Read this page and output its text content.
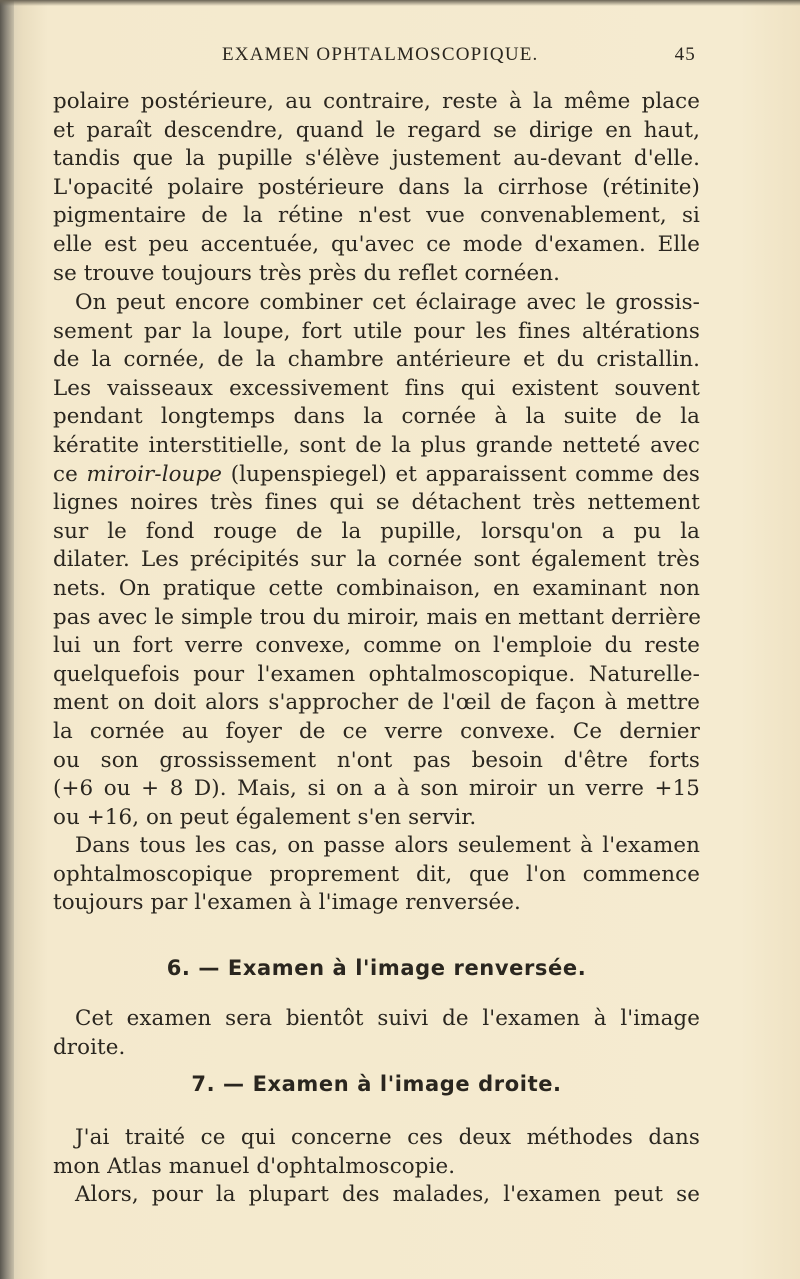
EXAMEN OPHTALMOSCOPIQUE.	45
polaire postérieure, au contraire, reste à la même place
et paraît descendre, quand le regard se dirige en haut,
tandis que la pupille s'élève justement au-devant d'elle.
L'opacité polaire postérieure dans la cirrhose (rétinite)
pigmentaire de la rétine n'est vue convenablement, si
elle est peu accentuée, qu'avec ce mode d'examen. Elle
se trouve toujours très près du reflet cornéen.
On peut encore combiner cet éclairage avec le grossis-
sement par la loupe, fort utile pour les fines altérations
de la cornée, de la chambre antérieure et du cristallin.
Les vaisseaux excessivement fins qui existent souvent
pendant longtemps dans la cornée à la suite de la
kératite interstitielle, sont de la plus grande netteté avec
ce miroir-loupe (lupenspiegel) et apparaissent comme des
lignes noires très fines qui se détachent très nettement
sur le fond rouge de la pupille, lorsqu'on a pu la
dilater. Les précipités sur la cornée sont également très
nets. On pratique cette combinaison, en examinant non
pas avec le simple trou du miroir, mais en mettant derrière
lui un fort verre convexe, comme on l'emploie du reste
quelquefois pour l'examen ophtalmoscopique. Naturelle-
ment on doit alors s'approcher de l'œil de façon à mettre
la cornée au foyer de ce verre convexe. Ce dernier
ou son grossissement n'ont pas besoin d'être forts
(+6 ou + 8 D). Mais, si on a à son miroir un verre +15
ou +16, on peut également s'en servir.
Dans tous les cas, on passe alors seulement à l'examen
ophtalmoscopique proprement dit, que l'on commence
toujours par l'examen à l'image renversée.
6. — Examen à l'image renversée.
Cet examen sera bientôt suivi de l'examen à l'image
droite.
7. — Examen à l'image droite.
J'ai traité ce qui concerne ces deux méthodes dans
mon Atlas manuel d'ophtalmoscopie.
Alors, pour la plupart des malades, l'examen peut se
